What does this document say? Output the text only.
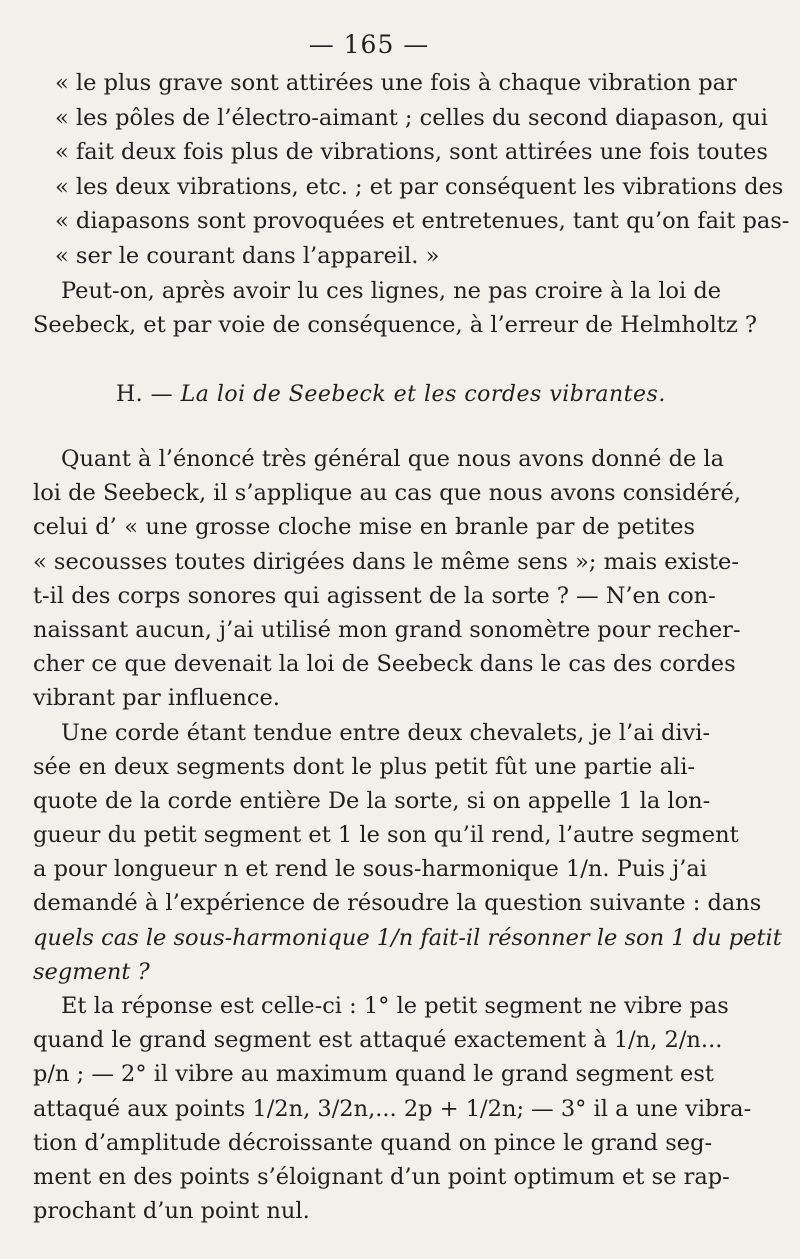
— 165 —
« le plus grave sont attirées une fois à chaque vibration par
« les pôles de l’électro-aimant ; celles du second diapason, qui
« fait deux fois plus de vibrations, sont attirées une fois toutes
« les deux vibrations, etc. ; et par conséquent les vibrations des
« diapasons sont provoquées et entretenues, tant qu’on fait pas-
« ser le courant dans l’appareil. »
Peut-on, après avoir lu ces lignes, ne pas croire à la loi de
Seebeck, et par voie de conséquence, à l’erreur de Helmholtz ?
H. — La loi de Seebeck et les cordes vibrantes.
Quant à l’énoncé très général que nous avons donné de la
loi de Seebeck, il s’applique au cas que nous avons considéré,
celui d’ « une grosse cloche mise en branle par de petites
« secousses toutes dirigées dans le même sens »; mais existe-
t-il des corps sonores qui agissent de la sorte ? — N’en con-
naissant aucun, j’ai utilisé mon grand sonomètre pour recher-
cher ce que devenait la loi de Seebeck dans le cas des cordes
vibrant par influence.
Une corde étant tendue entre deux chevalets, je l’ai divi-
sée en deux segments dont le plus petit fût une partie ali-
quote de la corde entière De la sorte, si on appelle 1 la lon-
gueur du petit segment et 1 le son qu’il rend, l’autre segment
a pour longueur n et rend le sous-harmonique 1/n. Puis j’ai
demandé à l’expérience de résoudre la question suivante : dans
quels cas le sous-harmonique 1/n fait-il résonner le son 1 du petit
segment ?
Et la réponse est celle-ci : 1° le petit segment ne vibre pas
quand le grand segment est attaqué exactement à 1/n, 2/n...
p/n ; — 2° il vibre au maximum quand le grand segment est
attaqué aux points 1/2n, 3/2n,... 2p + 1/2n; — 3° il a une vibra-
tion d’amplitude décroissante quand on pince le grand seg-
ment en des points s’éloignant d’un point optimum et se rap-
prochant d’un point nul.
